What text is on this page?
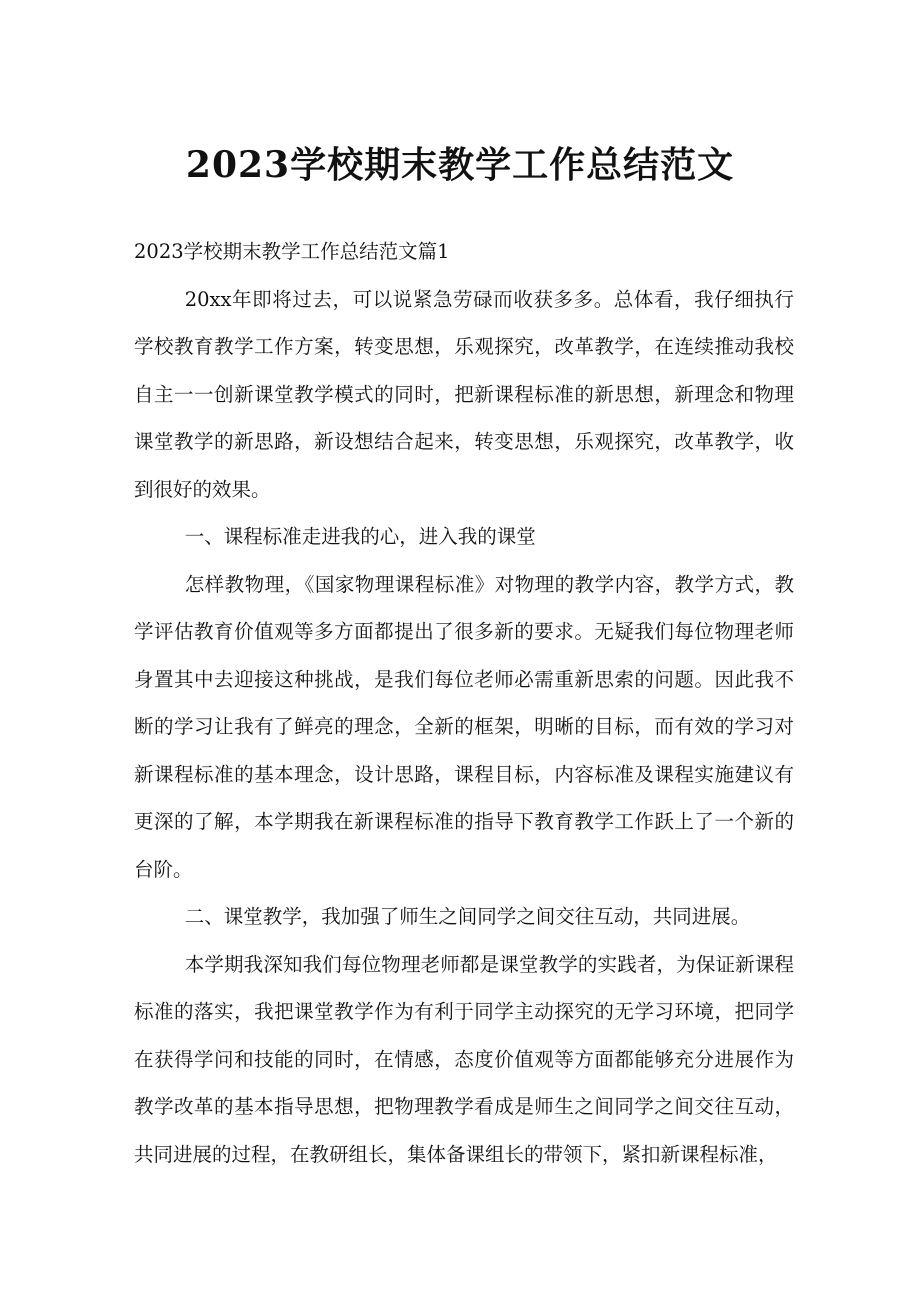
2023学校期末教学工作总结范文

2023学校期末教学工作总结范文篇1

20xx年即将过去，可以说紧急劳碌而收获多多。总体看，我仔细执行学校教育教学工作方案，转变思想，乐观探究，改革教学，在连续推动我校自主一一创新课堂教学模式的同时，把新课程标准的新思想，新理念和物理课堂教学的新思路，新设想结合起来，转变思想，乐观探究，改革教学，收到很好的效果。

一、课程标准走进我的心，进入我的课堂

怎样教物理，《国家物理课程标准》对物理的教学内容，教学方式，教学评估教育价值观等多方面都提出了很多新的要求。无疑我们每位物理老师身置其中去迎接这种挑战，是我们每位老师必需重新思索的问题。因此我不断的学习让我有了鲜亮的理念，全新的框架，明晰的目标，而有效的学习对新课程标准的基本理念，设计思路，课程目标，内容标准及课程实施建议有更深的了解，本学期我在新课程标准的指导下教育教学工作跃上了一个新的台阶。

二、课堂教学，我加强了师生之间同学之间交往互动，共同进展。

本学期我深知我们每位物理老师都是课堂教学的实践者，为保证新课程标准的落实，我把课堂教学作为有利于同学主动探究的无学习环境，把同学在获得学问和技能的同时，在情感，态度价值观等方面都能够充分进展作为教学改革的基本指导思想，把物理教学看成是师生之间同学之间交往互动，共同进展的过程，在教研组长，集体备课组长的带领下，紧扣新课程标准，
